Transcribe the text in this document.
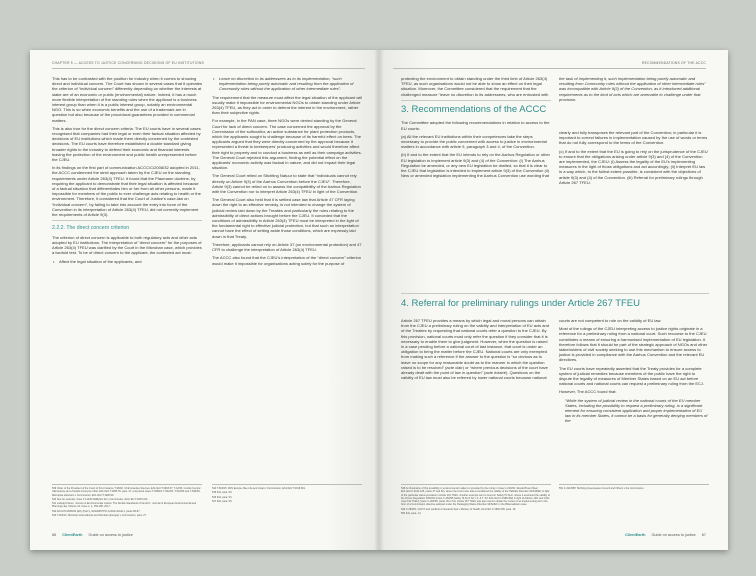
CHAPTER 5 — ACCESS TO JUSTICE CONCERNING DECISIONS OF EU INSTITUTIONS

This has to be contrasted with the position for industry when it comes to showing direct and individual concern. The Court has shown in several cases that it operates the criterion of “individual concern” differently depending on whether the interests at stake are of an economic or public (environmental) nature. Indeed, it has a much more flexible interpretation of the standing rules when the applicant is a business interest group than when it is a public interest group, notably an environmental NGO. This is so when economic benefits and the use of a trademark are in question but also because of the procedural guarantees provided in commercial matters.

This is also true for the direct concern criteria. The EU courts have in several cases recognised that companies had their legal or even their factual situation affected by decisions of EU institutions which made them directly concerned by the contested decisions. The EU courts have therefore established a double standard giving broader rights to the industry to defend their economic and financial interests leaving the protection of the environment and public health unrepresented before the CJEU.

In its findings on the first part of communication ACCC/C/2008/32 adopted in 2011, the ACCC condemned the strict approach taken by the CJEU on the standing requirements under Article 263(4) TFEU. It found that the Plaumann doctrine, by requiring the applicant to demonstrate that their legal situation is affected because of a factual situation that differentiates him or her from all other persons, made it impossible for members of the public to ever challenge acts relating to health or the environment. Therefore, it considered that the Court of Justice’s case-law on “individual concern”, by failing to take into account the entry into force of the Convention in its interpretation of Article 263(4) TFEU, did not correctly implement the requirements of Article 9(3).

2.2.2. The direct concern criterion

The criterion of direct concern is applicable to both regulatory acts and other acts adopted by EU institutions. The interpretation of “direct concern” for the purposes of Article 263(4) TFEU was clarified by the Court in the Microban case, which provides a twofold test. To be of direct concern to the applicant, the contested act must:

• Affect the legal situation of the applicants, and
• Leave no discretion to its addressees as to its implementation, “such implementation being purely automatic and resulting from the application of Community rules without the application of other intermediate rules”.

The requirement that the measure must affect the legal situation of the applicant will usually make it impossible for environmental NGOs to obtain standing under Article 263(4) TFEU, as they act in order to defend the interest in the environment, rather than their subjective rights.

For example, in the PAN case, three NGOs were denied standing by the General Court for lack of direct concern. The case concerned the approval by the Commission of the sulfoxaflor, an active substance for plant protection products, which the applicants sought to challenge because of its harmful effect on bees. The applicants argued that they were directly concerned by the approval because it represented a threat to beekeepers’ producing activities and would therefore affect their right to property and to conduct a business as well as their campaign activities. The General Court rejected this argument, finding the potential effect on the applicants’ economic activity was factual in nature, and did not impact their legal situation.

The General Court relied on Stichting Natuur to state that “individuals cannot rely directly on Article 9(3) of the Aarhus Convention before the CJEU”. Therefore, Article 9(3) cannot be relied on to assess the compatibility of the Aarhus Regulation with the Convention nor to interpret Article 263(4) TFEU in light of the Convention.

The General Court also held that it is settled case law that Article 47 CFR laying down the right to an effective remedy, is not intended to change the system of judicial review laid down by the Treaties and particularly the rules relating to the admissibility of direct actions brought before the CJEU. It conceded that the conditions of admissibility in Article 263(4) TFEU must be interpreted in the light of the fundamental right to effective judicial protection, but that such an interpretation cannot have the effect of setting aside those conditions, which are expressly laid down in that Treaty.

Therefore, applicants cannot rely on Article 37 (on environmental protection) and 47 CFR to challenge the interpretation of Article 263(4) TFEU.

The ACCC also found that the CJEU’s interpretation of the “direct concern” criterion would make it impossible for organisations acting solely for the purpose of

539 Order of the President of the Court of First Instance T-96/92, CCE Grandes Sources; ECLI:EU:T:1993:37; T-12/93, Comité Central d’Entreprise de la Société Anonyme Vittel; ECLI:EU:T:1995:78, para. 47, and joined cases T-528/93, T-542/93, T-543/93 and T-546/93, Métropole télévision v Commission; ECLI:EU:T:1996:99.
540 See for example, Case T-114/02 BaByliss SA v Commission, ECLI:EU:T:2003:100.
541 Ludwig Krämer, ‘Access to Environmental Justice: The Double Standards of the ECJ’, Journal of European Environmental and Planning Law, Volume 14, Issue 2, p. 159-185, 2017.
542 ACCC/C/2008/32 (EU) (Part I), ECE/MP.PP/C.1/2011/4/Add.1, paras 86-87.
543 T-262/10, Microban International and Microban (Europe) v Commission, para. 27.
544 T-600/15, PAN Europe, Bee Life and Unapi v Commission, ECLI:EU:T:2016:601.
545 Ibid, para. 59.
546 Ibid, para. 54.
547 Ibid, para. 55.
66 ClientEarth Guide on access to justice
RECOMMENDATIONS OF THE ACCC

protecting the environment to obtain standing under the third limb of Article 263(4) TFEU, as such organisations would not be able to show an effect on their legal situation. Moreover, the Committee considered that the requirement that the challenged measure “leave no discretion to its addressees, who are entrusted with

3. Recommendations of the ACCC

The Committee adopted the following recommendations in relation to access to the EU courts:

(a) All the relevant EU institutions within their competences take the steps necessary to provide the public concerned with access to justice in environmental matters in accordance with article 9, paragraph 3 and 4, of the Convention.

(b) If and to the extent that the EU intends to rely on the Aarhus Regulation or other EU legislation to implement article 9(3) and (4) of the Convention: (i) The Aarhus Regulation be amended, or any new EU legislation be drafted, so that it is clear to the CJEU that legislation is intended to implement article 9(3) of the Convention (ii) New or amended legislation implementing the Aarhus Convention use wording that

the task of implementing it, such implementation being purely automatic and resulting from Community rules without the application of other intermediate rules” was incompatible with Article 9(3) of the Convention, as it introduced additional requirements as to the kind of acts which are amenable to challenge under that provision.

clearly and fully transposes the relevant part of the Convention; in particular it is important to correct failures in implementation caused by the use of words or terms that do not fully correspond to the terms of the Convention.

(c) If and to the extent that the EU is going to rely on the jurisprudence of the CJEU to ensure that the obligations arising under article 9(3) and (4) of the Convention are implemented, the CJEU: (i) Assess the legality of the EU’s implementing measures in the light of those obligations and act accordingly; (ii) Interpret EU law in a way which, to the fullest extent possible, is consistent with the objectives of article 9(3) and (4) of the Convention. (iii) Referral for preliminary rulings through Article 267 TFEU.

4. Referral for preliminary rulings under Article 267 TFEU

Article 267 TFEU provides a means by which legal and moral persons can obtain from the CJEU a preliminary ruling on the validity and interpretation of EU acts and of the Treaties by requesting that national courts refer a question to the CJEU. By this provision, national courts must only refer the question if they consider that it is necessary to enable them to give judgment. However, when the question is raised in a case pending before a national court of last instance, that court is under an obligation to bring the matter before the CJEU. National courts are only exempted from making such a reference if the answer to the question is “so obvious as to leave no scope for any reasonable doubt as to the manner in which the question raised is to be resolved” (acte clair) or “where previous decisions of the court have already dealt with the point of law in question” (acte éclairé). Questions on the validity of EU law must also be referred by lower national courts because national

courts are not competent to rule on the validity of EU law.

Most of the rulings of the CJEU interpreting access to justice rights originate in a reference for a preliminary ruling from a national court. Such recourse to the CJEU constitutes a means of ensuring a harmonised implementation of EU legislation. It therefore follows that it should be part of the strategic approach of NGOs and other stakeholders of civil society seeking to use this mechanism to ensure access to justice is provided in compliance with the Aarhus Convention and the relevant EU directives.

The EU courts have repeatedly asserted that the Treaty provides for a complete system of judicial remedies because members of the public have the right to dispute the legality of measures of Member States based on an EU act before national courts and national courts can request a preliminary ruling from the ECJ.

However, The ACCC found that:

“While the system of judicial review in the national courts of the EU member States, including the possibility to request a preliminary ruling, is a significant element for ensuring consistent application and proper implementation of EU law in its member States, it cannot be a basis for generally denying members of the

548 An illustration of this possibility in environmental matters is provided by the ruling in Case C-240/09, Slovak Brown Bear; ECLI:EU:C:2011:125, paras 47 and 52), where the Court inter alia reconsidered the validity of the Habitats Directive 92/43/EEC in light of the particular status provided in Article 191 TFEU. Another example can be found in Safety Hi-Tech, where it examined the validity of the Ozone Regulation 3093/94 (Case C-284/95 Safety Hi-Tech Srl v S. & T. Srl; ECLI:EU:C:1998:352) in light of Articles 130r and 130s (now 191 TFEU) (Case C-284/95, paras 35 to 61). Article 267 TFEU was also used to obtain the review of an implementing act in the form of a Commission directive adopted under the Packaging Waste Directive 94/62/EC in the Bittersaltstein case.
549 C-283/81, CILFIT and Lanificio di Gavardo SpA v Ministry of Health, ECLI:EU:C:1982:335, para. 16.
550 Ibid, para. 14.
551 C-321/95P, Stichting Greenpeace Council and Others v the Commission.
ClientEarth Guide on access to justice 67
